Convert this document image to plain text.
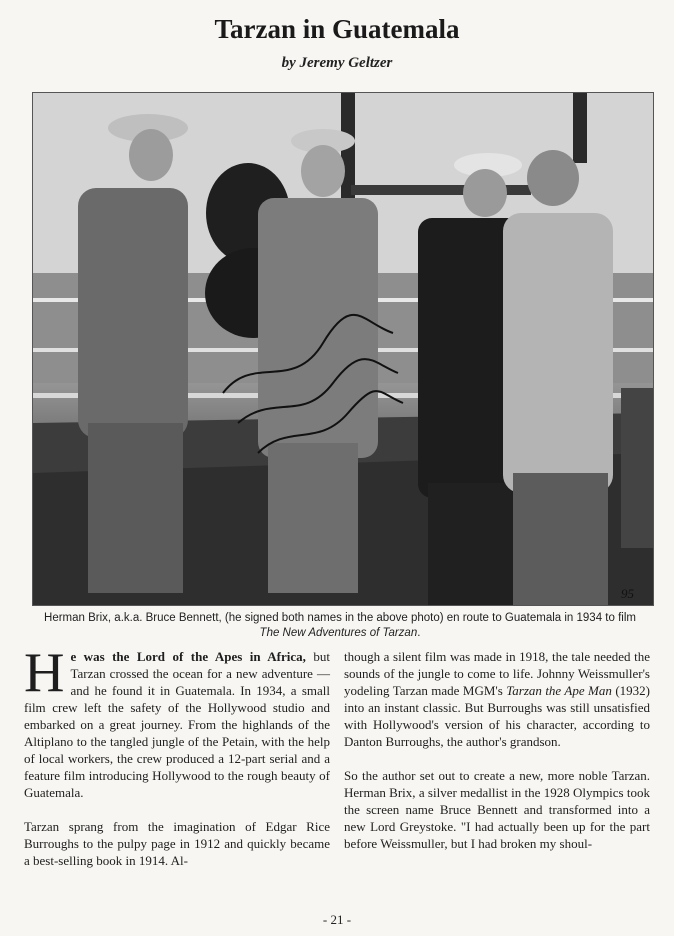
Tarzan in Guatemala
by Jeremy Geltzer
95
Herman Brix, a.k.a. Bruce Bennett, (he signed both names in the above photo) en route to Guatemala in 1934 to film The New Adventures of Tarzan.

He was the Lord of the Apes in Africa, but Tarzan crossed the ocean for a new adventure — and he found it in Guatemala. In 1934, a small film crew left the safety of the Hollywood studio and embarked on a great journey. From the highlands of the Altiplano to the tangled jungle of the Petain, with the help of local workers, the crew produced a 12-part serial and a feature film introducing Hollywood to the rough beauty of Guatemala.

Tarzan sprang from the imagination of Edgar Rice Burroughs to the pulpy page in 1912 and quickly became a best-selling book in 1914. Al-

though a silent film was made in 1918, the tale needed the sounds of the jungle to come to life. Johnny Weissmuller's yodeling Tarzan made MGM's Tarzan the Ape Man (1932) into an instant classic. But Burroughs was still unsatisfied with Hollywood's version of his character, according to Danton Burroughs, the author's grandson.

So the author set out to create a new, more noble Tarzan. Herman Brix, a silver medallist in the 1928 Olympics took the screen name Bruce Bennett and transformed into a new Lord Greystoke. "I had actually been up for the part before Weissmuller, but I had broken my shoul-

- 21 -
